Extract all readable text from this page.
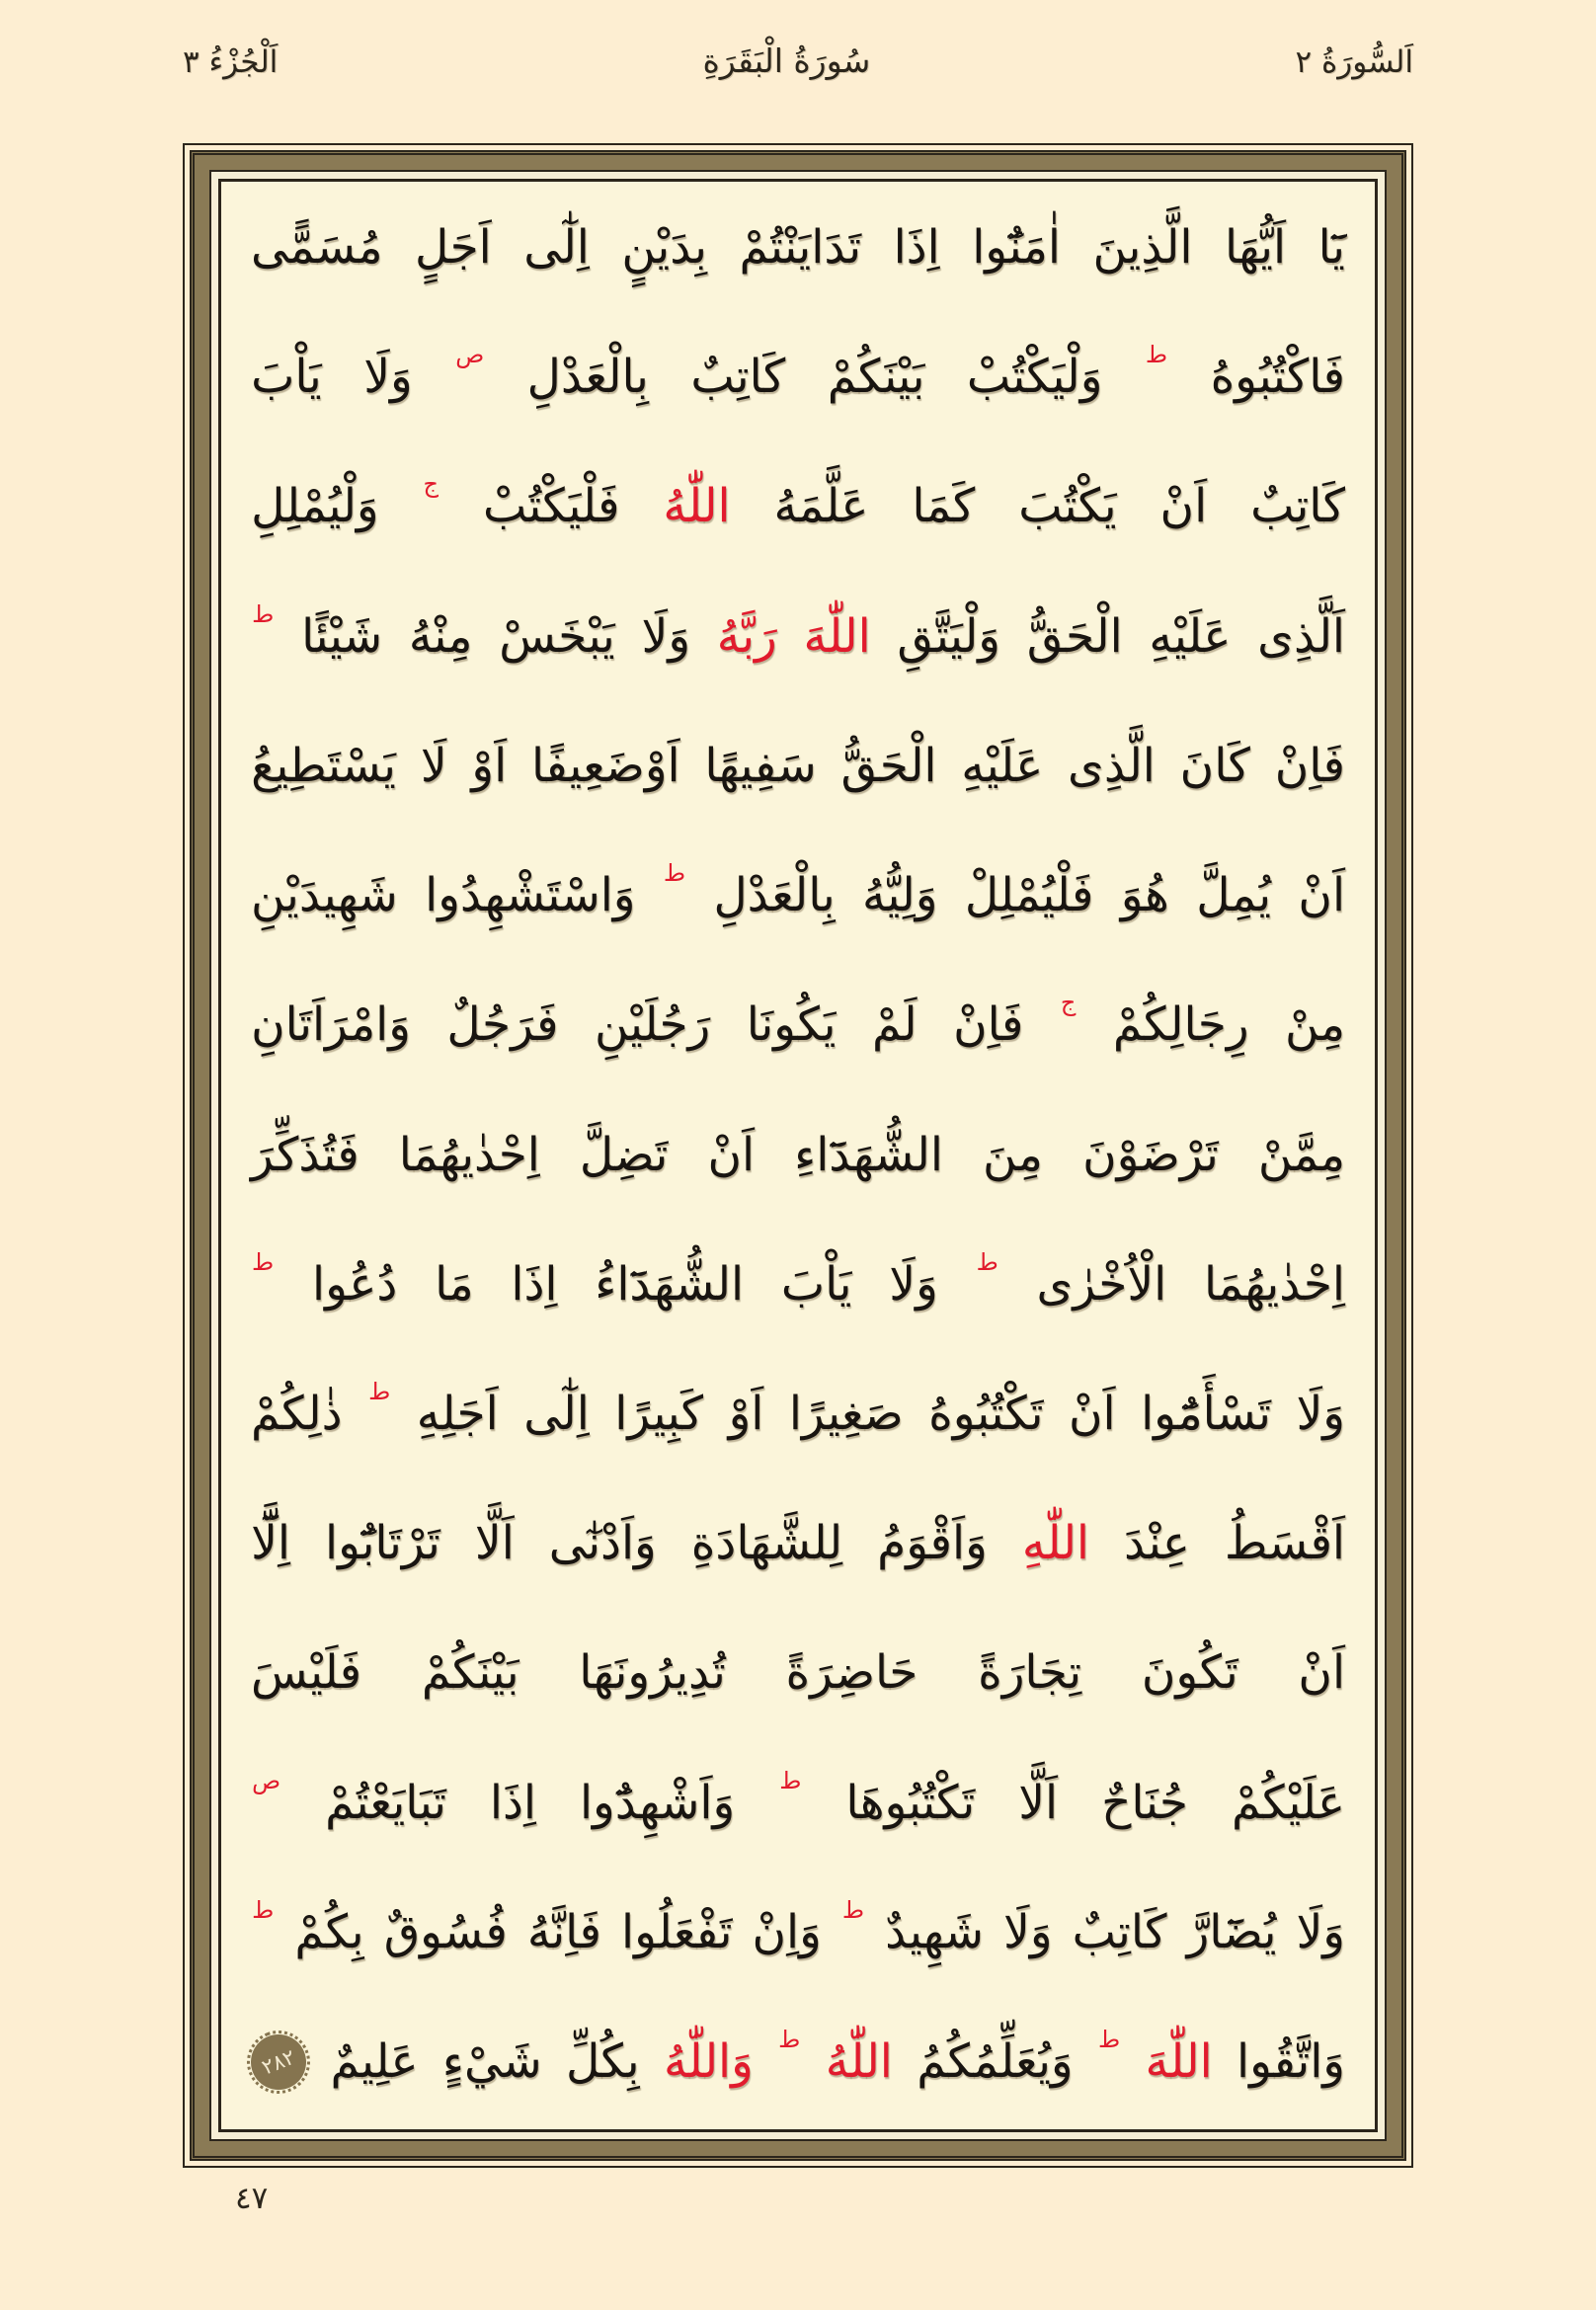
اَلْجُزْءُ ٣	سُورَةُ الْبَقَرَةِ	اَلسُّورَةُ ٢
يَٓا
اَيُّهَا
الَّذِينَ
اٰمَنُٓوا
اِذَا
تَدَايَنْتُمْ
بِدَيْنٍ
اِلٰٓى
اَجَلٍ
مُسَمًّى
فَاكْتُبُوهُ
ط
وَلْيَكْتُبْ
بَيْنَكُمْ
كَاتِبٌ
بِالْعَدْلِ
ص
وَلَا
يَاْبَ
كَاتِبٌ
اَنْ
يَكْتُبَ
كَمَا
عَلَّمَهُ
اللّٰهُ
فَلْيَكْتُبْ
ج
وَلْيُمْلِلِ
اَلَّذِى
عَلَيْهِ
الْحَقُّ
وَلْيَتَّقِ
اللّٰهَ
رَبَّهُ
وَلَا
يَبْخَسْ
مِنْهُ
شَيْئًا
ط
فَاِنْ
كَانَ
الَّذِى
عَلَيْهِ
الْحَقُّ
سَفِيهًا
اَوْضَعِيفًا
اَوْ
لَا
يَسْتَطِيعُ
اَنْ
يُمِلَّ
هُوَ
فَلْيُمْلِلْ
وَلِيُّهُ
بِالْعَدْلِ
ط
وَاسْتَشْهِدُوا
شَهِيدَيْنِ
مِنْ
رِجَالِكُمْ
ج
فَاِنْ
لَمْ
يَكُونَا
رَجُلَيْنِ
فَرَجُلٌ
وَامْرَاَتَانِ
مِمَّنْ
تَرْضَوْنَ
مِنَ
الشُّهَدَٓاءِ
اَنْ
تَضِلَّ
اِحْدٰيهُمَا
فَتُذَكِّرَ
اِحْدٰيهُمَا
الْاُخْرٰى
ط
وَلَا
يَاْبَ
الشُّهَدَٓاءُ
اِذَا
مَا
دُعُوا
ط
وَلَا
تَسْأَمُٓوا
اَنْ
تَكْتُبُوهُ
صَغِيرًا
اَوْ
كَبِيرًا
اِلٰٓى
اَجَلِهِ
ط
ذٰلِكُمْ
اَقْسَطُ
عِنْدَ
اللّٰهِ
وَاَقْوَمُ
لِلشَّهَادَةِ
وَاَدْنٰٓى
اَلَّا
تَرْتَابُٓوا
اِلَّٓا
اَنْ
تَكُونَ
تِجَارَةً
حَاضِرَةً
تُدِيرُونَهَا
بَيْنَكُمْ
فَلَيْسَ
عَلَيْكُمْ
جُنَاحٌ
اَلَّا
تَكْتُبُوهَا
ط
وَاَشْهِدُٓوا
اِذَا
تَبَايَعْتُمْ
ص
وَلَا
يُضَٓارَّ
كَاتِبٌ
وَلَا
شَهِيدٌ
ط
وَاِنْ
تَفْعَلُوا
فَاِنَّهُ
فُسُوقٌ
بِكُمْ
ط
وَاتَّقُوا
اللّٰهَ
ط
وَيُعَلِّمُكُمُ
اللّٰهُ
ط
وَاللّٰهُ
بِكُلِّ
شَيْءٍ
عَلِيمٌ
٢٨٢
٤٧
